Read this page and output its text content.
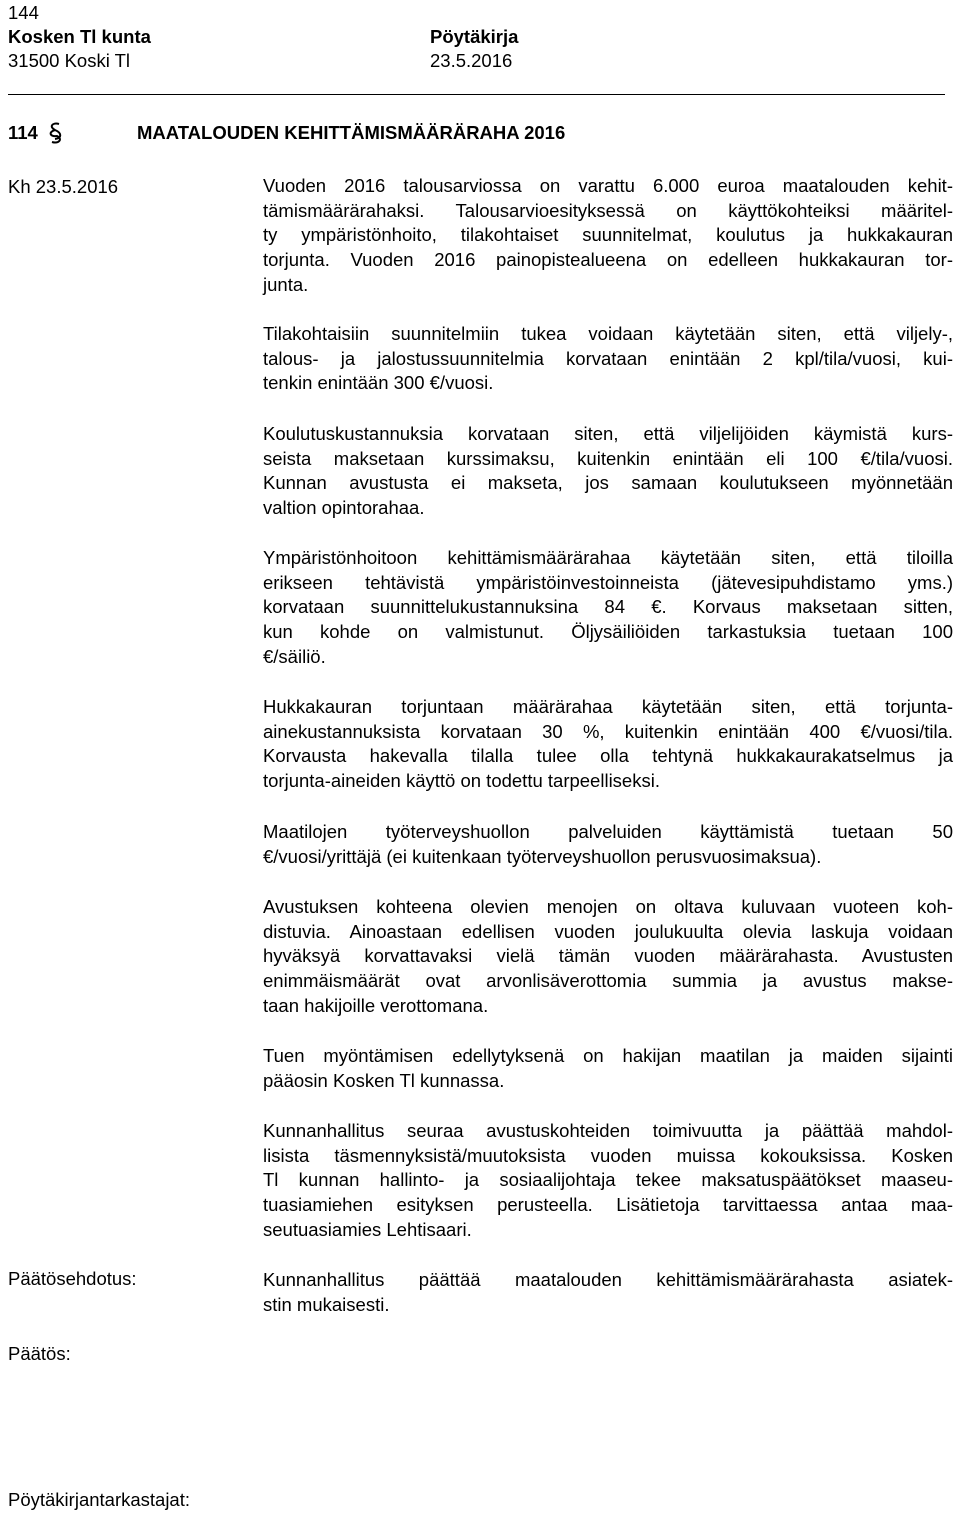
144
Kosken Tl kunta
31500 Koski Tl
Pöytäkirja
23.5.2016
114	MAATALOUDEN KEHITTÄMISMÄÄRÄRAHA 2016
Kh 23.5.2016	Vuoden 2016 talousarviossa on varattu 6.000 euroa maatalouden kehit-
tämismäärärahaksi. Talousarvioesityksessä on käyttökohteiksi määritel-
ty ympäristönhoito, tilakohtaiset suunnitelmat, koulutus ja hukkakauran
torjunta. Vuoden 2016 painopistealueena on edelleen hukkakauran tor-
junta.
Tilakohtaisiin suunnitelmiin tukea voidaan käytetään siten, että viljely-,
talous- ja jalostussuunnitelmia korvataan enintään 2 kpl/tila/vuosi, kui-
tenkin enintään 300 €/vuosi.
Koulutuskustannuksia korvataan siten, että viljelijöiden käymistä kurs-
seista maksetaan kurssimaksu, kuitenkin enintään eli 100 €/tila/vuosi.
Kunnan avustusta ei makseta, jos samaan koulutukseen myönnetään
valtion opintorahaa.
Ympäristönhoitoon kehittämismäärärahaa käytetään siten, että tiloilla
erikseen tehtävistä ympäristöinvestoinneista (jätevesipuhdistamo yms.)
korvataan suunnittelukustannuksina 84 €. Korvaus maksetaan sitten,
kun kohde on valmistunut. Öljysäiliöiden tarkastuksia tuetaan 100
€/säiliö.
Hukkakauran torjuntaan määrärahaa käytetään siten, että torjunta-
ainekustannuksista korvataan 30 %, kuitenkin enintään 400 €/vuosi/tila.
Korvausta hakevalla tilalla tulee olla tehtynä hukkakaurakatselmus ja
torjunta-aineiden käyttö on todettu tarpeelliseksi.
Maatilojen työterveyshuollon palveluiden käyttämistä tuetaan 50
€/vuosi/yrittäjä (ei kuitenkaan työterveyshuollon perusvuosimaksua).
Avustuksen kohteena olevien menojen on oltava kuluvaan vuoteen koh-
distuvia. Ainoastaan edellisen vuoden joulukuulta olevia laskuja voidaan
hyväksyä korvattavaksi vielä tämän vuoden määrärahasta. Avustusten
enimmäismäärät ovat arvonlisäverottomia summia ja avustus makse-
taan hakijoille verottomana.
Tuen myöntämisen edellytyksenä on hakijan maatilan ja maiden sijainti
pääosin Kosken Tl kunnassa.
Kunnanhallitus seuraa avustuskohteiden toimivuutta ja päättää mahdol-
lisista täsmennyksistä/muutoksista vuoden muissa kokouksissa. Kosken
Tl kunnan hallinto- ja sosiaalijohtaja tekee maksatuspäätökset maaseu-
tuasiamiehen esityksen perusteella. Lisätietoja tarvittaessa antaa maa-
seutuasiamies Lehtisaari.
Päätösehdotus:	Kunnanhallitus päättää maatalouden kehittämismäärärahasta asiatek-
stin mukaisesti.
Päätös:
Pöytäkirjantarkastajat:
